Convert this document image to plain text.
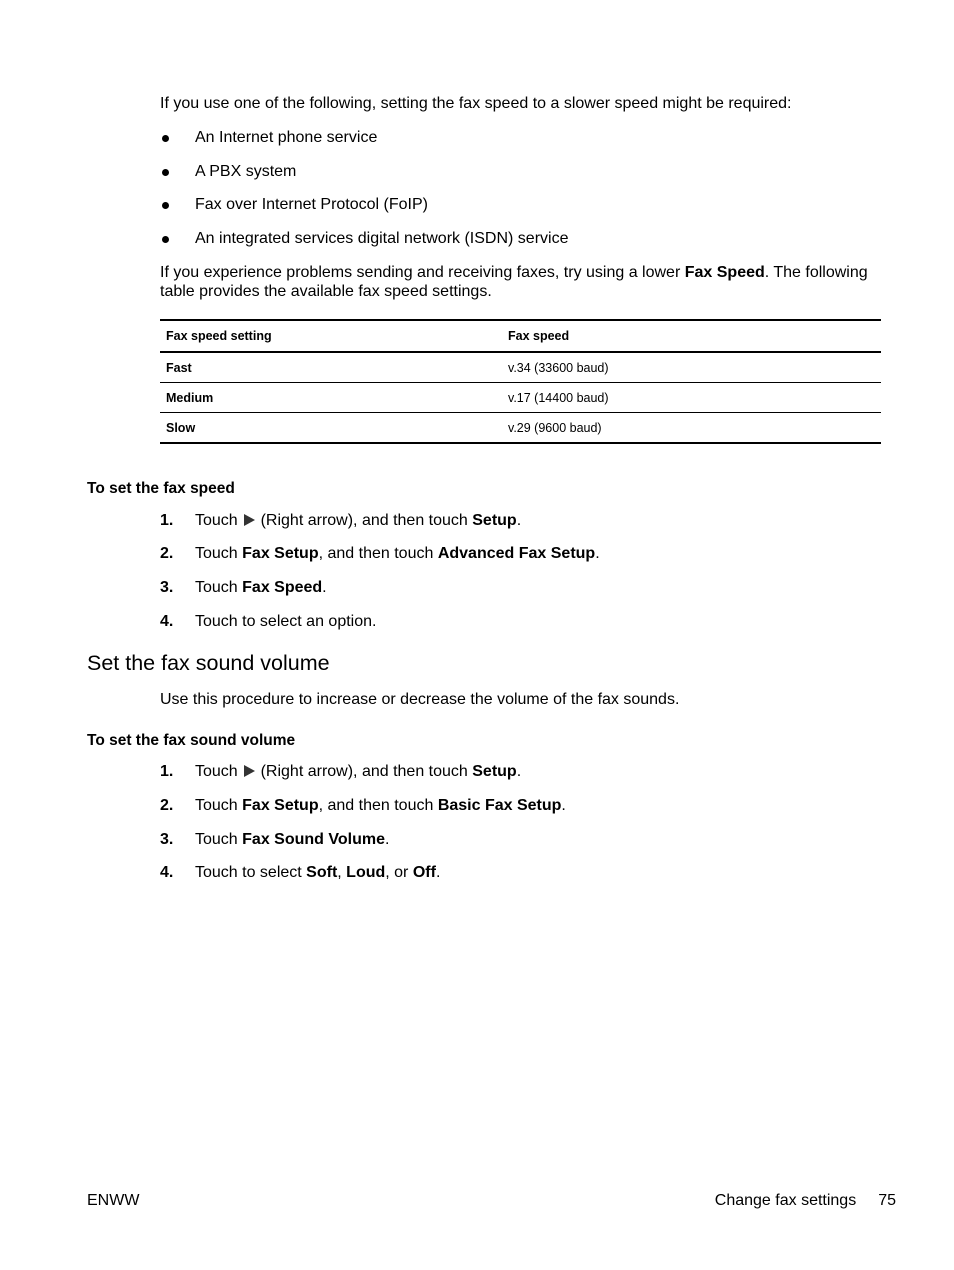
If you use one of the following, setting the fax speed to a slower speed might be required:
An Internet phone service
A PBX system
Fax over Internet Protocol (FoIP)
An integrated services digital network (ISDN) service
If you experience problems sending and receiving faxes, try using a lower Fax Speed. The following
table provides the available fax speed settings.
Fax speed setting	Fax speed
Fast	v.34 (33600 baud)
Medium	v.17 (14400 baud)
Slow	v.29 (9600 baud)
To set the fax speed
1. Touch  (Right arrow), and then touch Setup.
2. Touch Fax Setup, and then touch Advanced Fax Setup.
3. Touch Fax Speed.
4. Touch to select an option.
Set the fax sound volume
Use this procedure to increase or decrease the volume of the fax sounds.
To set the fax sound volume
1. Touch  (Right arrow), and then touch Setup.
2. Touch Fax Setup, and then touch Basic Fax Setup.
3. Touch Fax Sound Volume.
4. Touch to select Soft, Loud, or Off.
ENWW	Change fax settings 75
